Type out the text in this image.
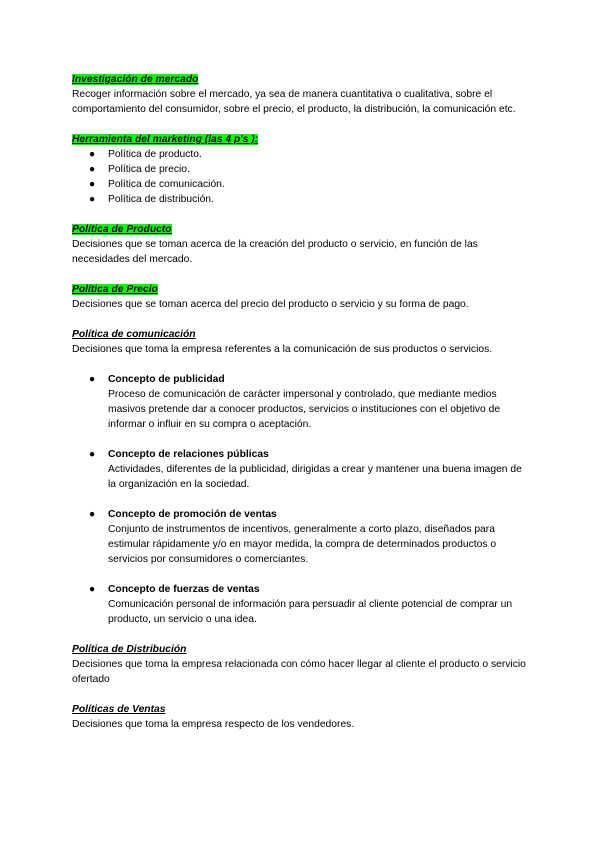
Investigación de mercado

Recoger información sobre el mercado, ya sea de manera cuantitativa o cualitativa, sobre el comportamiento del consumidor, sobre el precio, el producto, la distribución, la comunicación etc.

Herramienta del marketing (las 4 p's ):
● Política de producto.
● Política de precio.
● Política de comunicación.
● Política de distribución.
Política de Producto

Decisiones que se toman acerca de la creación del producto o servicio, en función de las necesidades del mercado.

Política de Precio

Decisiones que se toman acerca del precio del producto o servicio y su forma de pago.

Política de comunicación

Decisiones que toma la empresa referentes a la comunicación de sus productos o servicios.

● Concepto de publicidad
Proceso de comunicación de carácter impersonal y controlado, que mediante medios masivos pretende dar a conocer productos, servicios o instituciones con el objetivo de informar o influir en su compra o aceptación.
● Concepto de relaciones públicas
Actividades, diferentes de la publicidad, dirigidas a crear y mantener una buena imagen de la organización en la sociedad.
● Concepto de promoción de ventas
Conjunto de instrumentos de incentivos, generalmente a corto plazo, diseñados para estimular rápidamente y/o en mayor medida, la compra de determinados productos o servicios por consumidores o comerciantes.
● Concepto de fuerzas de ventas
Comunicación personal de información para persuadir al cliente potencial de comprar un producto, un servicio o una idea.
Política de Distribución

Decisiones que toma la empresa relacionada con cómo hacer llegar al cliente el producto o servicio ofertado

Políticas de Ventas

Decisiones que toma la empresa respecto de los vendedores.
